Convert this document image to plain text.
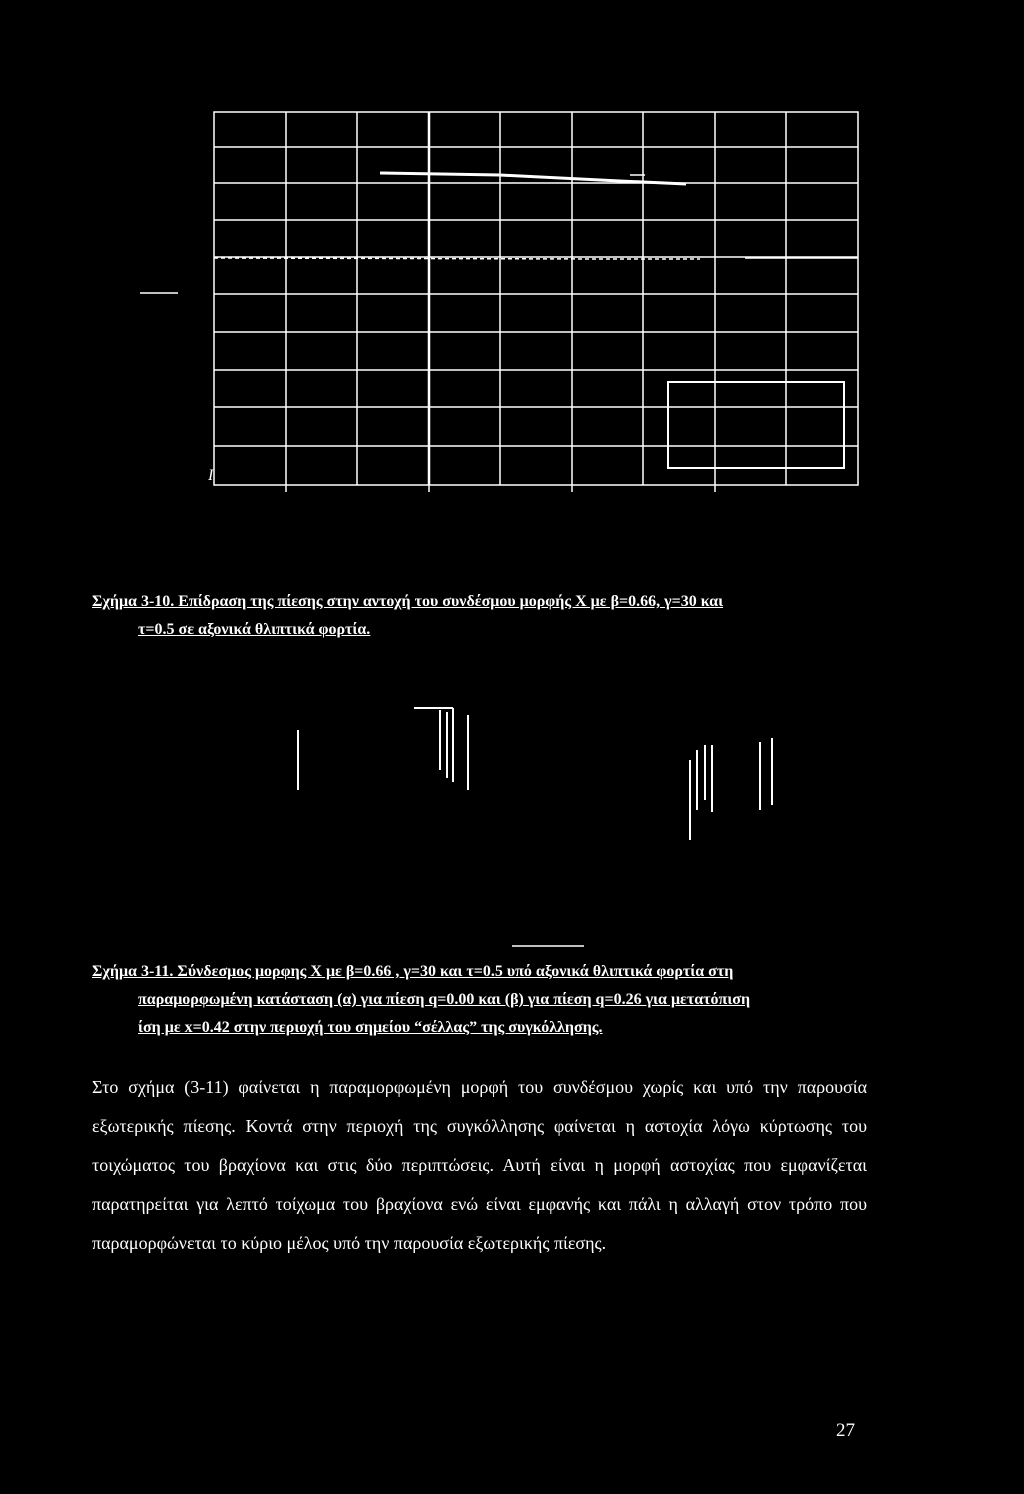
I
Σχήμα 3-10. Επίδραση της πίεσης στην αντοχή του συνδέσμου μορφής Χ με β=0.66, γ=30 και
τ=0.5 σε αξονικά θλιπτικά φορτία.
Σχήμα 3-11. Σύνδεσμος μορφης Χ με β=0.66 , γ=30 και τ=0.5 υπό αξονικά θλιπτικά φορτία στη
παραμορφωμένη κατάσταση (α) για πίεση q=0.00 και (β) για πίεση q=0.26 για μετατόπιση
ίση με x=0.42 στην περιοχή του σημείου “σέλλας” της συγκόλλησης.

Στο σχήμα (3-11) φαίνεται η παραμορφωμένη μορφή του συνδέσμου χωρίς και υπό την παρουσία εξωτερικής πίεσης. Κοντά στην περιοχή της συγκόλλησης φαίνεται η αστοχία λόγω κύρτωσης του τοιχώματος του βραχίονα και στις δύο περιπτώσεις. Αυτή είναι η μορφή αστοχίας που εμφανίζεται παρατηρείται για λεπτό τοίχωμα του βραχίονα ενώ είναι εμφανής και πάλι η αλλαγή στον τρόπο που παραμορφώνεται το κύριο μέλος υπό την παρουσία εξωτερικής πίεσης.

27
